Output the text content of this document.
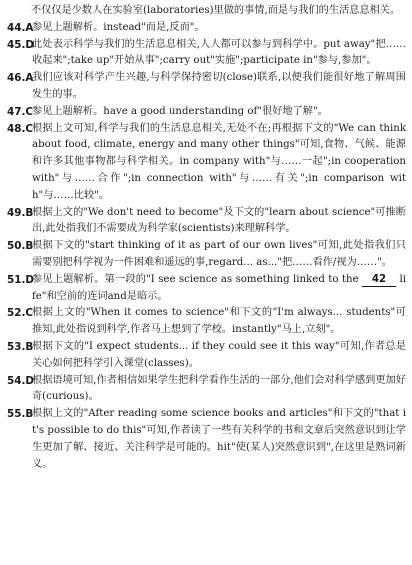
不仅仅是少数人在实验室(laboratories)里做的事情,而是与我们的生活息息相关。

44.A
参见上题解析。instead"而是,反而"。

45.D
此处表示科学与我们的生活息息相关,人人都可以参与到科学中。put away"把……收起来";take up"开始从事";carry out"实施";participate in"参与,参加"。

46.A
我们应该对科学产生兴趣,与科学保持密切(close)联系,以便我们能很好地了解周围发生的事。

47.C
参见上题解析。have a good understanding of"很好地了解"。

48.C
根据上文可知,科学与我们的生活息息相关,无处不在;再根据下文的"We can think about food, climate, energy and many other things"可知,食物、气候、能源和许多其他事物都与科学相关。in company with"与……一起";in cooperation with"与……合作";in connection with"与……有关";in comparison with"与……比较"。

49.B
根据上文的"We don't need to become"及下文的"learn about science"可推断出,此处指我们不需要成为科学家(scientists)来理解科学。

50.B
根据下文的"start thinking of it as part of our own lives"可知,此处指我们只需要别把科学视为一件困难和遥远的事,regard... as..."把……看作/视为……"。

51.D
参见上题解析。第一段的"I see science as something linked to the 42 life"和空前的连词and是暗示。

52.C
根据上文的"When it comes to science"和下文的"I'm always... students"可推知,此处指说到科学,作者马上想到了学校。instantly"马上,立刻"。

53.B
根据下文的"I expect students... if they could see it this way"可知,作者总是关心如何把科学引入课堂(classes)。

54.D
根据语境可知,作者相信如果学生把科学看作生活的一部分,他们会对科学感到更加好奇(curious)。

55.B
根据上文的"After reading some science books and articles"和下文的"that it's possible to do this"可知,作者读了一些有关科学的书和文章后突然意识到让学生更加了解、接近、关注科学是可能的。hit"使(某人)突然意识到",在这里是熟词新义。
